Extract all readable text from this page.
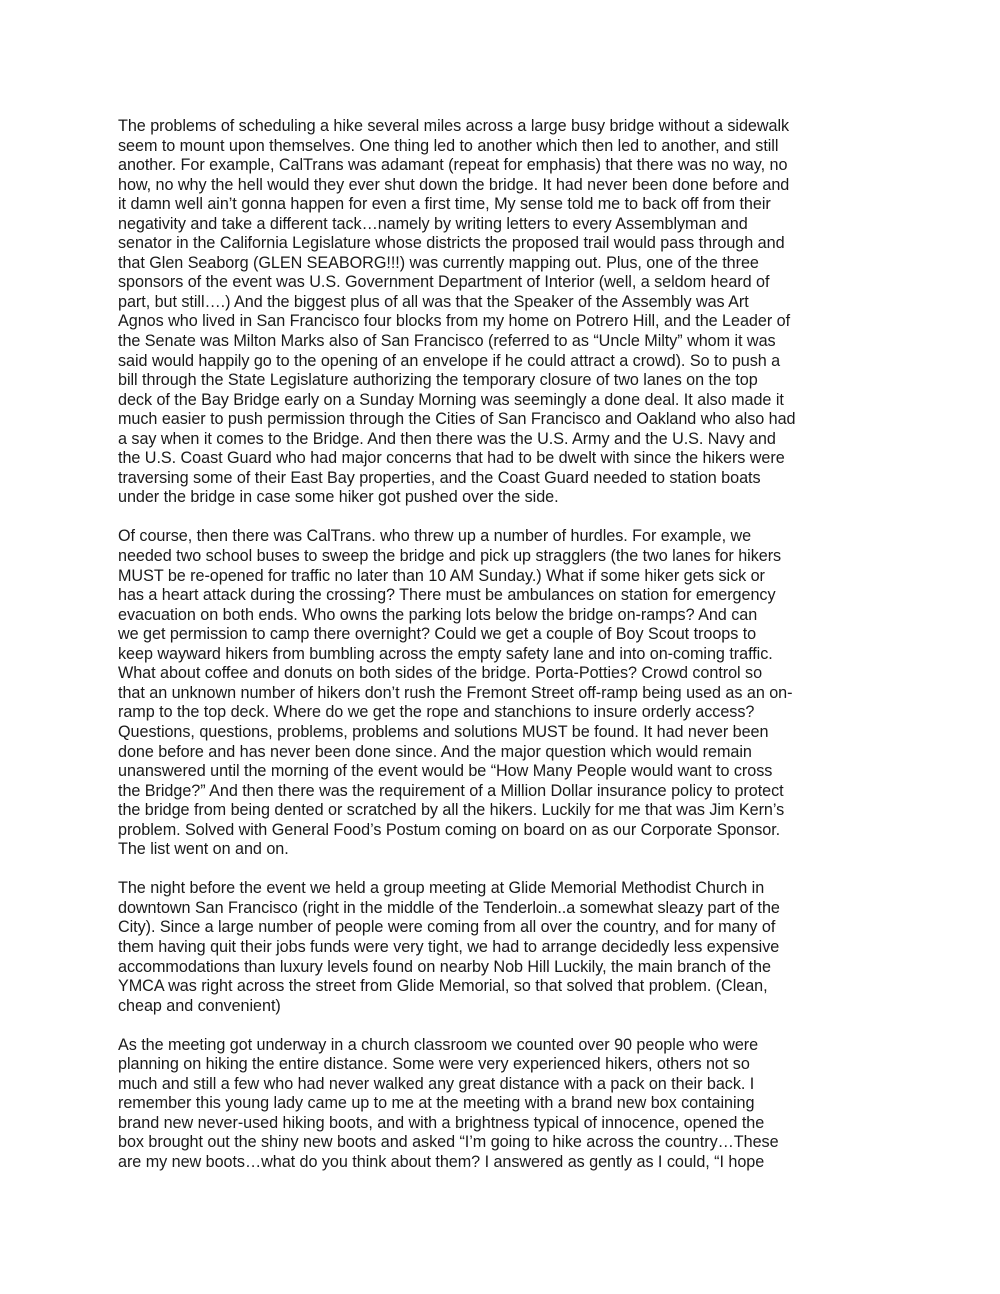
The problems of scheduling a hike several miles across a large busy bridge without a sidewalk
seem to mount upon themselves. One thing led to another which then led to another, and still
another. For example, CalTrans was adamant (repeat for emphasis) that there was no way, no
how, no why the hell would they ever shut down the bridge. It had never been done before and
it damn well ain’t gonna happen for even a first time, My sense told me to back off from their
negativity and take a different tack…namely by writing letters to every Assemblyman and
senator in the California Legislature whose districts the proposed trail would pass through and
that Glen Seaborg (GLEN SEABORG!!!) was currently mapping out. Plus, one of the three
sponsors of the event was U.S. Government Department of Interior (well, a seldom heard of
part, but still….) And the biggest plus of all was that the Speaker of the Assembly was Art
Agnos who lived in San Francisco four blocks from my home on Potrero Hill, and the Leader of
the Senate was Milton Marks also of San Francisco (referred to as “Uncle Milty” whom it was
said would happily go to the opening of an envelope if he could attract a crowd). So to push a
bill through the State Legislature authorizing the temporary closure of two lanes on the top
deck of the Bay Bridge early on a Sunday Morning was seemingly a done deal. It also made it
much easier to push permission through the Cities of San Francisco and Oakland who also had
a say when it comes to the Bridge. And then there was the U.S. Army and the U.S. Navy and
the U.S. Coast Guard who had major concerns that had to be dwelt with since the hikers were
traversing some of their East Bay properties, and the Coast Guard needed to station boats
under the bridge in case some hiker got pushed over the side.

Of course, then there was CalTrans. who threw up a number of hurdles. For example, we
needed two school buses to sweep the bridge and pick up stragglers (the two lanes for hikers
MUST be re-opened for traffic no later than 10 AM Sunday.) What if some hiker gets sick or
has a heart attack during the crossing? There must be ambulances on station for emergency
evacuation on both ends. Who owns the parking lots below the bridge on-ramps? And can
we get permission to camp there overnight? Could we get a couple of Boy Scout troops to
keep wayward hikers from bumbling across the empty safety lane and into on-coming traffic.
What about coffee and donuts on both sides of the bridge. Porta-Potties? Crowd control so
that an unknown number of hikers don’t rush the Fremont Street off-ramp being used as an on-
ramp to the top deck. Where do we get the rope and stanchions to insure orderly access?
Questions, questions, problems, problems and solutions MUST be found. It had never been
done before and has never been done since. And the major question which would remain
unanswered until the morning of the event would be “How Many People would want to cross
the Bridge?” And then there was the requirement of a Million Dollar insurance policy to protect
the bridge from being dented or scratched by all the hikers. Luckily for me that was Jim Kern’s
problem. Solved with General Food’s Postum coming on board on as our Corporate Sponsor.
The list went on and on.

The night before the event we held a group meeting at Glide Memorial Methodist Church in
downtown San Francisco (right in the middle of the Tenderloin..a somewhat sleazy part of the
City). Since a large number of people were coming from all over the country, and for many of
them having quit their jobs funds were very tight, we had to arrange decidedly less expensive
accommodations than luxury levels found on nearby Nob Hill Luckily, the main branch of the
YMCA was right across the street from Glide Memorial, so that solved that problem. (Clean,
cheap and convenient)

As the meeting got underway in a church classroom we counted over 90 people who were
planning on hiking the entire distance. Some were very experienced hikers, others not so
much and still a few who had never walked any great distance with a pack on their back. I
remember this young lady came up to me at the meeting with a brand new box containing
brand new never-used hiking boots, and with a brightness typical of innocence, opened the
box brought out the shiny new boots and asked “I’m going to hike across the country…These
are my new boots…what do you think about them? I answered as gently as I could, “I hope
